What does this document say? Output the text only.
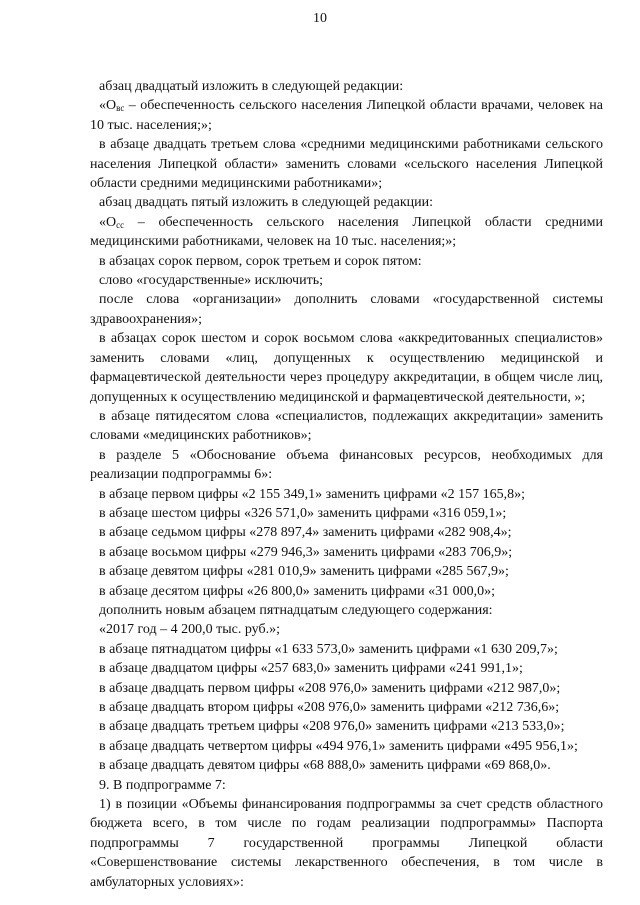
10

абзац двадцатый изложить в следующей редакции:

«$О_{вс}$ – обеспеченность сельского населения Липецкой области врачами, человек на 10 тыс. населения;»;

в абзаце двадцать третьем слова «средними медицинскими работниками сельского населения Липецкой области» заменить словами «сельского населения Липецкой области средними медицинскими работниками»;

абзац двадцать пятый изложить в следующей редакции:

«$О_{сс}$ – обеспеченность сельского населения Липецкой области средними медицинскими работниками, человек на 10 тыс. населения;»;

в абзацах сорок первом, сорок третьем и сорок пятом:

слово «государственные» исключить;

после слова «организации» дополнить словами «государственной системы здравоохранения»;

в абзацах сорок шестом и сорок восьмом слова «аккредитованных специалистов» заменить словами «лиц, допущенных к осуществлению медицинской и фармацевтической деятельности через процедуру аккредитации, в общем числе лиц, допущенных к осуществлению медицинской и фармацевтической деятельности, »;

в абзаце пятидесятом слова «специалистов, подлежащих аккредитации» заменить словами «медицинских работников»;

в разделе 5 «Обоснование объема финансовых ресурсов, необходимых для реализации подпрограммы 6»:

в абзаце первом цифры «2 155 349,1» заменить цифрами «2 157 165,8»;

в абзаце шестом цифры «326 571,0» заменить цифрами «316 059,1»;

в абзаце седьмом цифры «278 897,4» заменить цифрами «282 908,4»;

в абзаце восьмом цифры «279 946,3» заменить цифрами «283 706,9»;

в абзаце девятом цифры «281 010,9» заменить цифрами «285 567,9»;

в абзаце десятом цифры «26 800,0» заменить цифрами «31 000,0»;

дополнить новым абзацем пятнадцатым следующего содержания:

«2017 год – 4 200,0 тыс. руб.»;

в абзаце пятнадцатом цифры «1 633 573,0» заменить цифрами «1 630 209,7»;

в абзаце двадцатом цифры «257 683,0» заменить цифрами «241 991,1»;

в абзаце двадцать первом цифры «208 976,0» заменить цифрами «212 987,0»;

в абзаце двадцать втором цифры «208 976,0» заменить цифрами «212 736,6»;

в абзаце двадцать третьем цифры «208 976,0» заменить цифрами «213 533,0»;

в абзаце двадцать четвертом цифры «494 976,1» заменить цифрами «495 956,1»;

в абзаце двадцать девятом цифры «68 888,0» заменить цифрами «69 868,0».

9. В подпрограмме 7:

1) в позиции «Объемы финансирования подпрограммы за счет средств областного бюджета всего, в том числе по годам реализации подпрограммы» Паспорта подпрограммы 7 государственной программы Липецкой области «Совершенствование системы лекарственного обеспечения, в том числе в амбулаторных условиях»:
